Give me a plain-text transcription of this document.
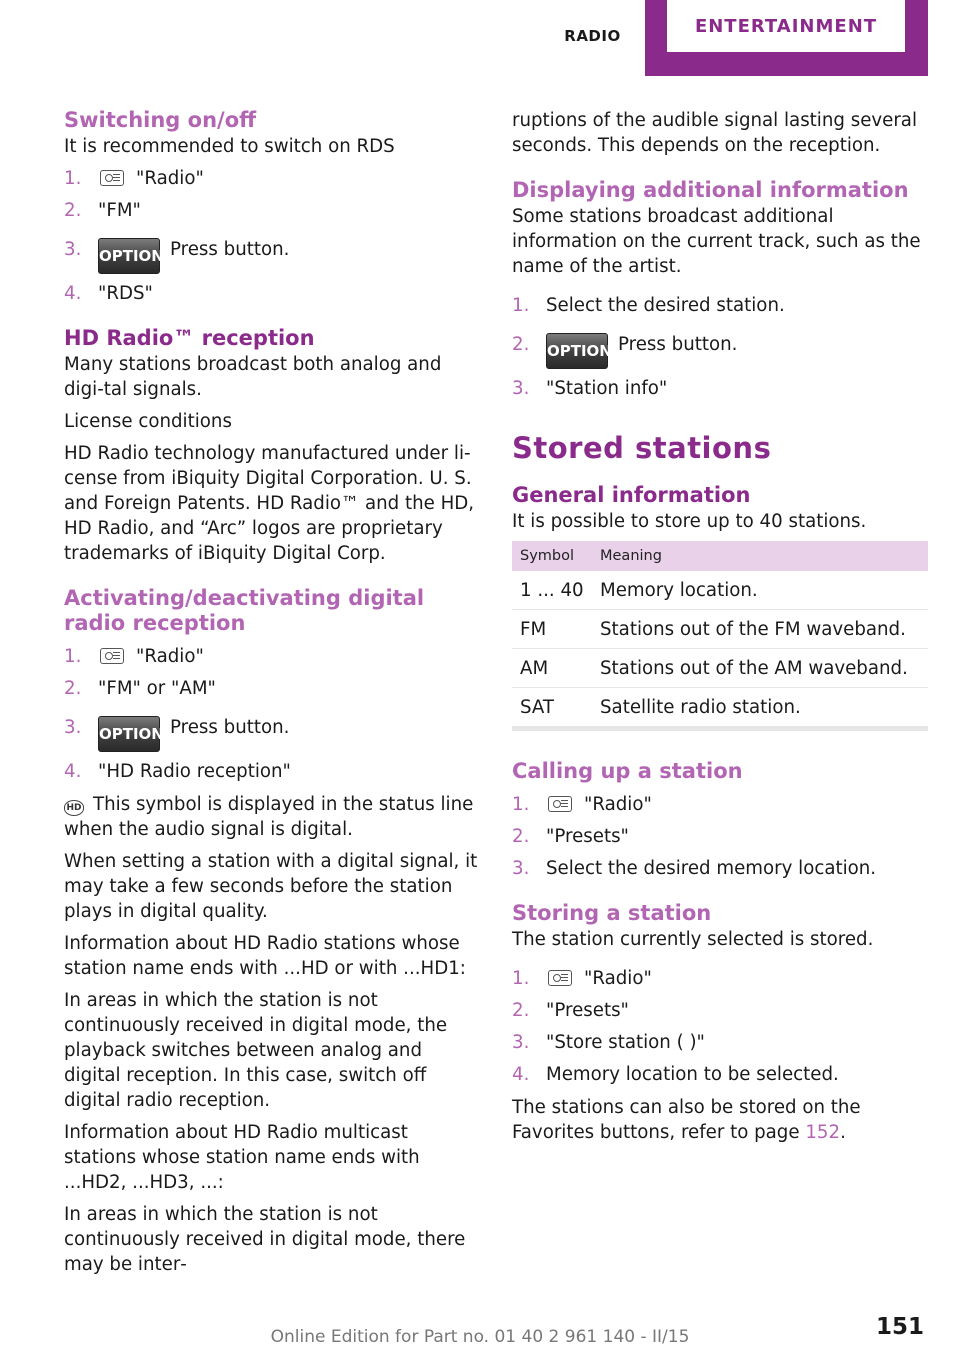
RADIO	ENTERTAINMENT
Switching on/off

It is recommended to switch on RDS

1.	"Radio"
2. "FM"
3. OPTION Press button.
4. "RDS"
HD Radio™ reception

Many stations broadcast both analog and digi‐tal signals.

License conditions

HD Radio technology manufactured under li‐cense from iBiquity Digital Corporation. U. S. and Foreign Patents. HD Radio™ and the HD, HD Radio, and “Arc” logos are proprietary trademarks of iBiquity Digital Corp.

Activating/deactivating digital radio reception
1.	"Radio"
2. "FM" or "AM"
3. OPTION Press button.
4. "HD Radio reception"

HD This symbol is displayed in the status line when the audio signal is digital.

When setting a station with a digital signal, it may take a few seconds before the station plays in digital quality.

Information about HD Radio stations whose station name ends with ...HD or with ...HD1:

In areas in which the station is not continuously received in digital mode, the playback switches between analog and digital reception. In this case, switch off digital radio reception.

Information about HD Radio multicast stations whose station name ends with ...HD2, ...HD3, ...:

In areas in which the station is not continuously received in digital mode, there may be inter‐

ruptions of the audible signal lasting several seconds. This depends on the reception.

Displaying additional information

Some stations broadcast additional information on the current track, such as the name of the artist.

1. Select the desired station.
2. OPTION Press button.
3. "Station info"
Stored stations
General information

It is possible to store up to 40 stations.

Symbol	Meaning
1 ... 40	Memory location.
FM	Stations out of the FM waveband.
AM	Stations out of the AM waveband.
SAT	Satellite radio station.
Calling up a station
1.	"Radio"
2. "Presets"
3. Select the desired memory location.
Storing a station

The station currently selected is stored.

1.	"Radio"
2. "Presets"
3. "Store station ( )"
4. Memory location to be selected.

The stations can also be stored on the Favorites buttons, refer to page 152.

Online Edition for Part no. 01 40 2 961 140 - II/15	151
